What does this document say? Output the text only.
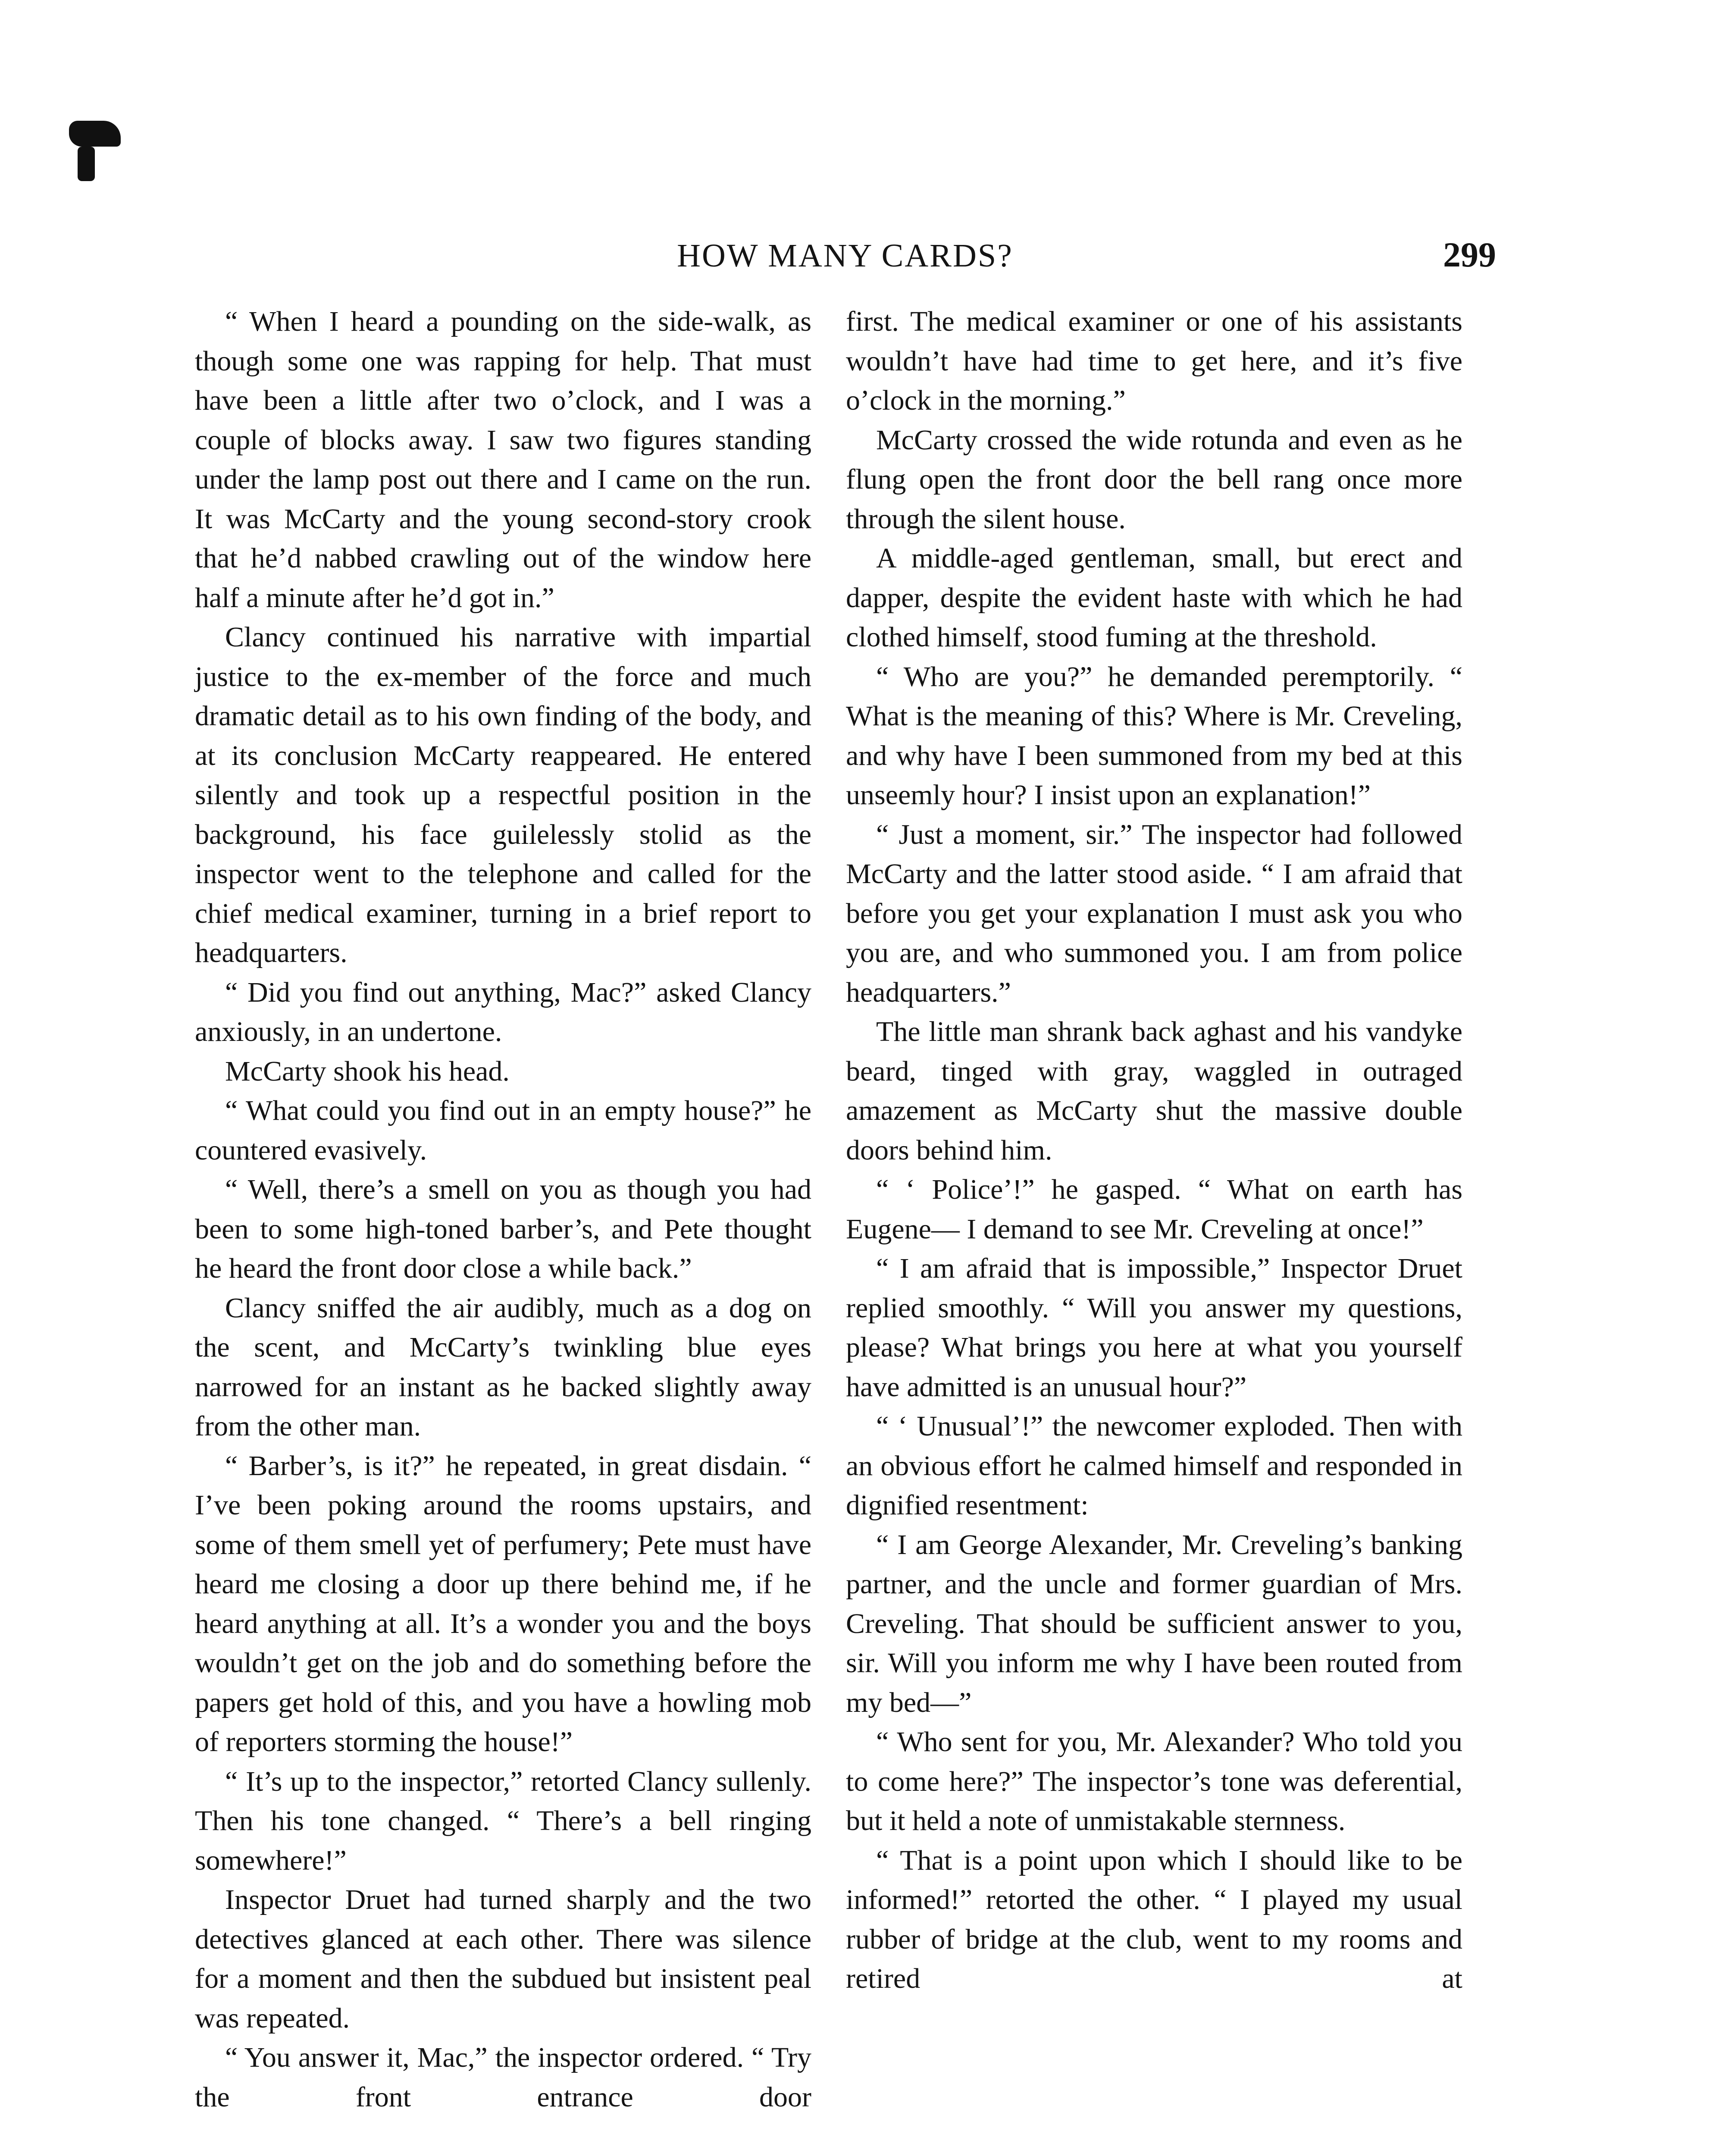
HOW MANY CARDS?	299

“ When I heard a pounding on the side-walk, as though some one was rapping for help. That must have been a little after two o’clock, and I was a couple of blocks away. I saw two figures standing under the lamp post out there and I came on the run. It was McCarty and the young second-story crook that he’d nabbed crawling out of the window here half a minute after he’d got in.”

Clancy continued his narrative with impartial justice to the ex-member of the force and much dramatic detail as to his own finding of the body, and at its conclusion McCarty reappeared. He entered silently and took up a respectful position in the background, his face guilelessly stolid as the inspector went to the telephone and called for the chief medical examiner, turning in a brief report to headquarters.

“ Did you find out anything, Mac?” asked Clancy anxiously, in an undertone.

McCarty shook his head.

“ What could you find out in an empty house?” he countered evasively.

“ Well, there’s a smell on you as though you had been to some high-toned barber’s, and Pete thought he heard the front door close a while back.”

Clancy sniffed the air audibly, much as a dog on the scent, and McCarty’s twinkling blue eyes narrowed for an instant as he backed slightly away from the other man.

“ Barber’s, is it?” he repeated, in great disdain. “ I’ve been poking around the rooms upstairs, and some of them smell yet of perfumery; Pete must have heard me closing a door up there behind me, if he heard anything at all. It’s a wonder you and the boys wouldn’t get on the job and do something before the papers get hold of this, and you have a howling mob of reporters storming the house!”

“ It’s up to the inspector,” retorted Clancy sullenly. Then his tone changed. “ There’s a bell ringing somewhere!”

Inspector Druet had turned sharply and the two detectives glanced at each other. There was silence for a moment and then the subdued but insistent peal was repeated.

“ You answer it, Mac,” the inspector ordered. “ Try the front entrance door

first. The medical examiner or one of his assistants wouldn’t have had time to get here, and it’s five o’clock in the morning.”

McCarty crossed the wide rotunda and even as he flung open the front door the bell rang once more through the silent house.

A middle-aged gentleman, small, but erect and dapper, despite the evident haste with which he had clothed himself, stood fuming at the threshold.

“ Who are you?” he demanded peremptorily. “ What is the meaning of this? Where is Mr. Creveling, and why have I been summoned from my bed at this unseemly hour? I insist upon an explanation!”

“ Just a moment, sir.” The inspector had followed McCarty and the latter stood aside. “ I am afraid that before you get your explanation I must ask you who you are, and who summoned you. I am from police headquarters.”

The little man shrank back aghast and his vandyke beard, tinged with gray, waggled in outraged amazement as McCarty shut the massive double doors behind him.

“ ‘ Police’!” he gasped. “ What on earth has Eugene— I demand to see Mr. Creveling at once!”

“ I am afraid that is impossible,” Inspector Druet replied smoothly. “ Will you answer my questions, please? What brings you here at what you yourself have admitted is an unusual hour?”

“ ‘ Unusual’!” the newcomer exploded. Then with an obvious effort he calmed himself and responded in dignified resentment:

“ I am George Alexander, Mr. Creveling’s banking partner, and the uncle and former guardian of Mrs. Creveling. That should be sufficient answer to you, sir. Will you inform me why I have been routed from my bed—”

“ Who sent for you, Mr. Alexander? Who told you to come here?” The inspector’s tone was deferential, but it held a note of unmistakable sternness.

“ That is a point upon which I should like to be informed!” retorted the other. “ I played my usual rubber of bridge at the club, went to my rooms and retired at
